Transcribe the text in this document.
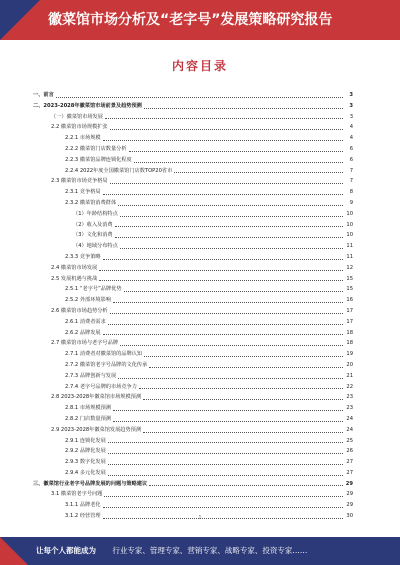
徽菜馆市场分析及“老字号”发展策略研究报告
内容目录
一、前言	3
二、2023-2028年徽菜馆市场前景及趋势预测	3
（一）徽菜馆市场发展	3
2.2 徽菜馆市场规模扩张	4
2.2.1 市场规模	4
2.2.2 徽菜馆门店数量分析	6
2.2.3 徽菜馆品牌连锁化程度	6
2.2.4 2022年度全国徽菜馆门店数TOP20省市	7
2.3 徽菜馆市场竞争格局	7
2.3.1 竞争格局	8
2.3.2 徽菜馆消费群体	9
（1）年龄结构特点	10
（2）收入及消费	10
（3）文化和消费	10
（4）地域分布特点	11
2.3.3 竞争策略	11
2.4 徽菜馆市场发展	12
2.5 发展机遇与挑战	15
2.5.1 “老字号”品牌优势	15
2.5.2 外部环境影响	16
2.6 徽菜馆市场趋势分析	17
2.6.1 消费者需求	17
2.6.2 品牌发展	18
2.7 徽菜馆市场与老字号品牌	18
2.7.1 消费者对徽菜馆的品牌认知	19
2.7.2 徽菜馆老字号品牌的文化传承	20
2.7.3 品牌创新与发展	21
2.7.4 老字号品牌的市场竞争力	22
2.8 2023-2028年徽菜馆市场规模预测	23
2.8.1 市场规模预测	23
2.8.2 门店数量预测	24
2.9 2023-2028年徽菜馆发展趋势预测	24
2.9.1 连锁化发展	25
2.9.2 品牌化发展	26
2.9.3 数字化发展	27
2.9.4 多元化发展	27
三、徽菜馆行业老字号品牌发展的问题与策略建议	29
3.1 徽菜馆老字号问题	29
3.1.1 品牌老化	29
3.1.2 经营管理	30
1
让每个人都能成为 行业专家、管理专家、营销专家、战略专家、投资专家……
